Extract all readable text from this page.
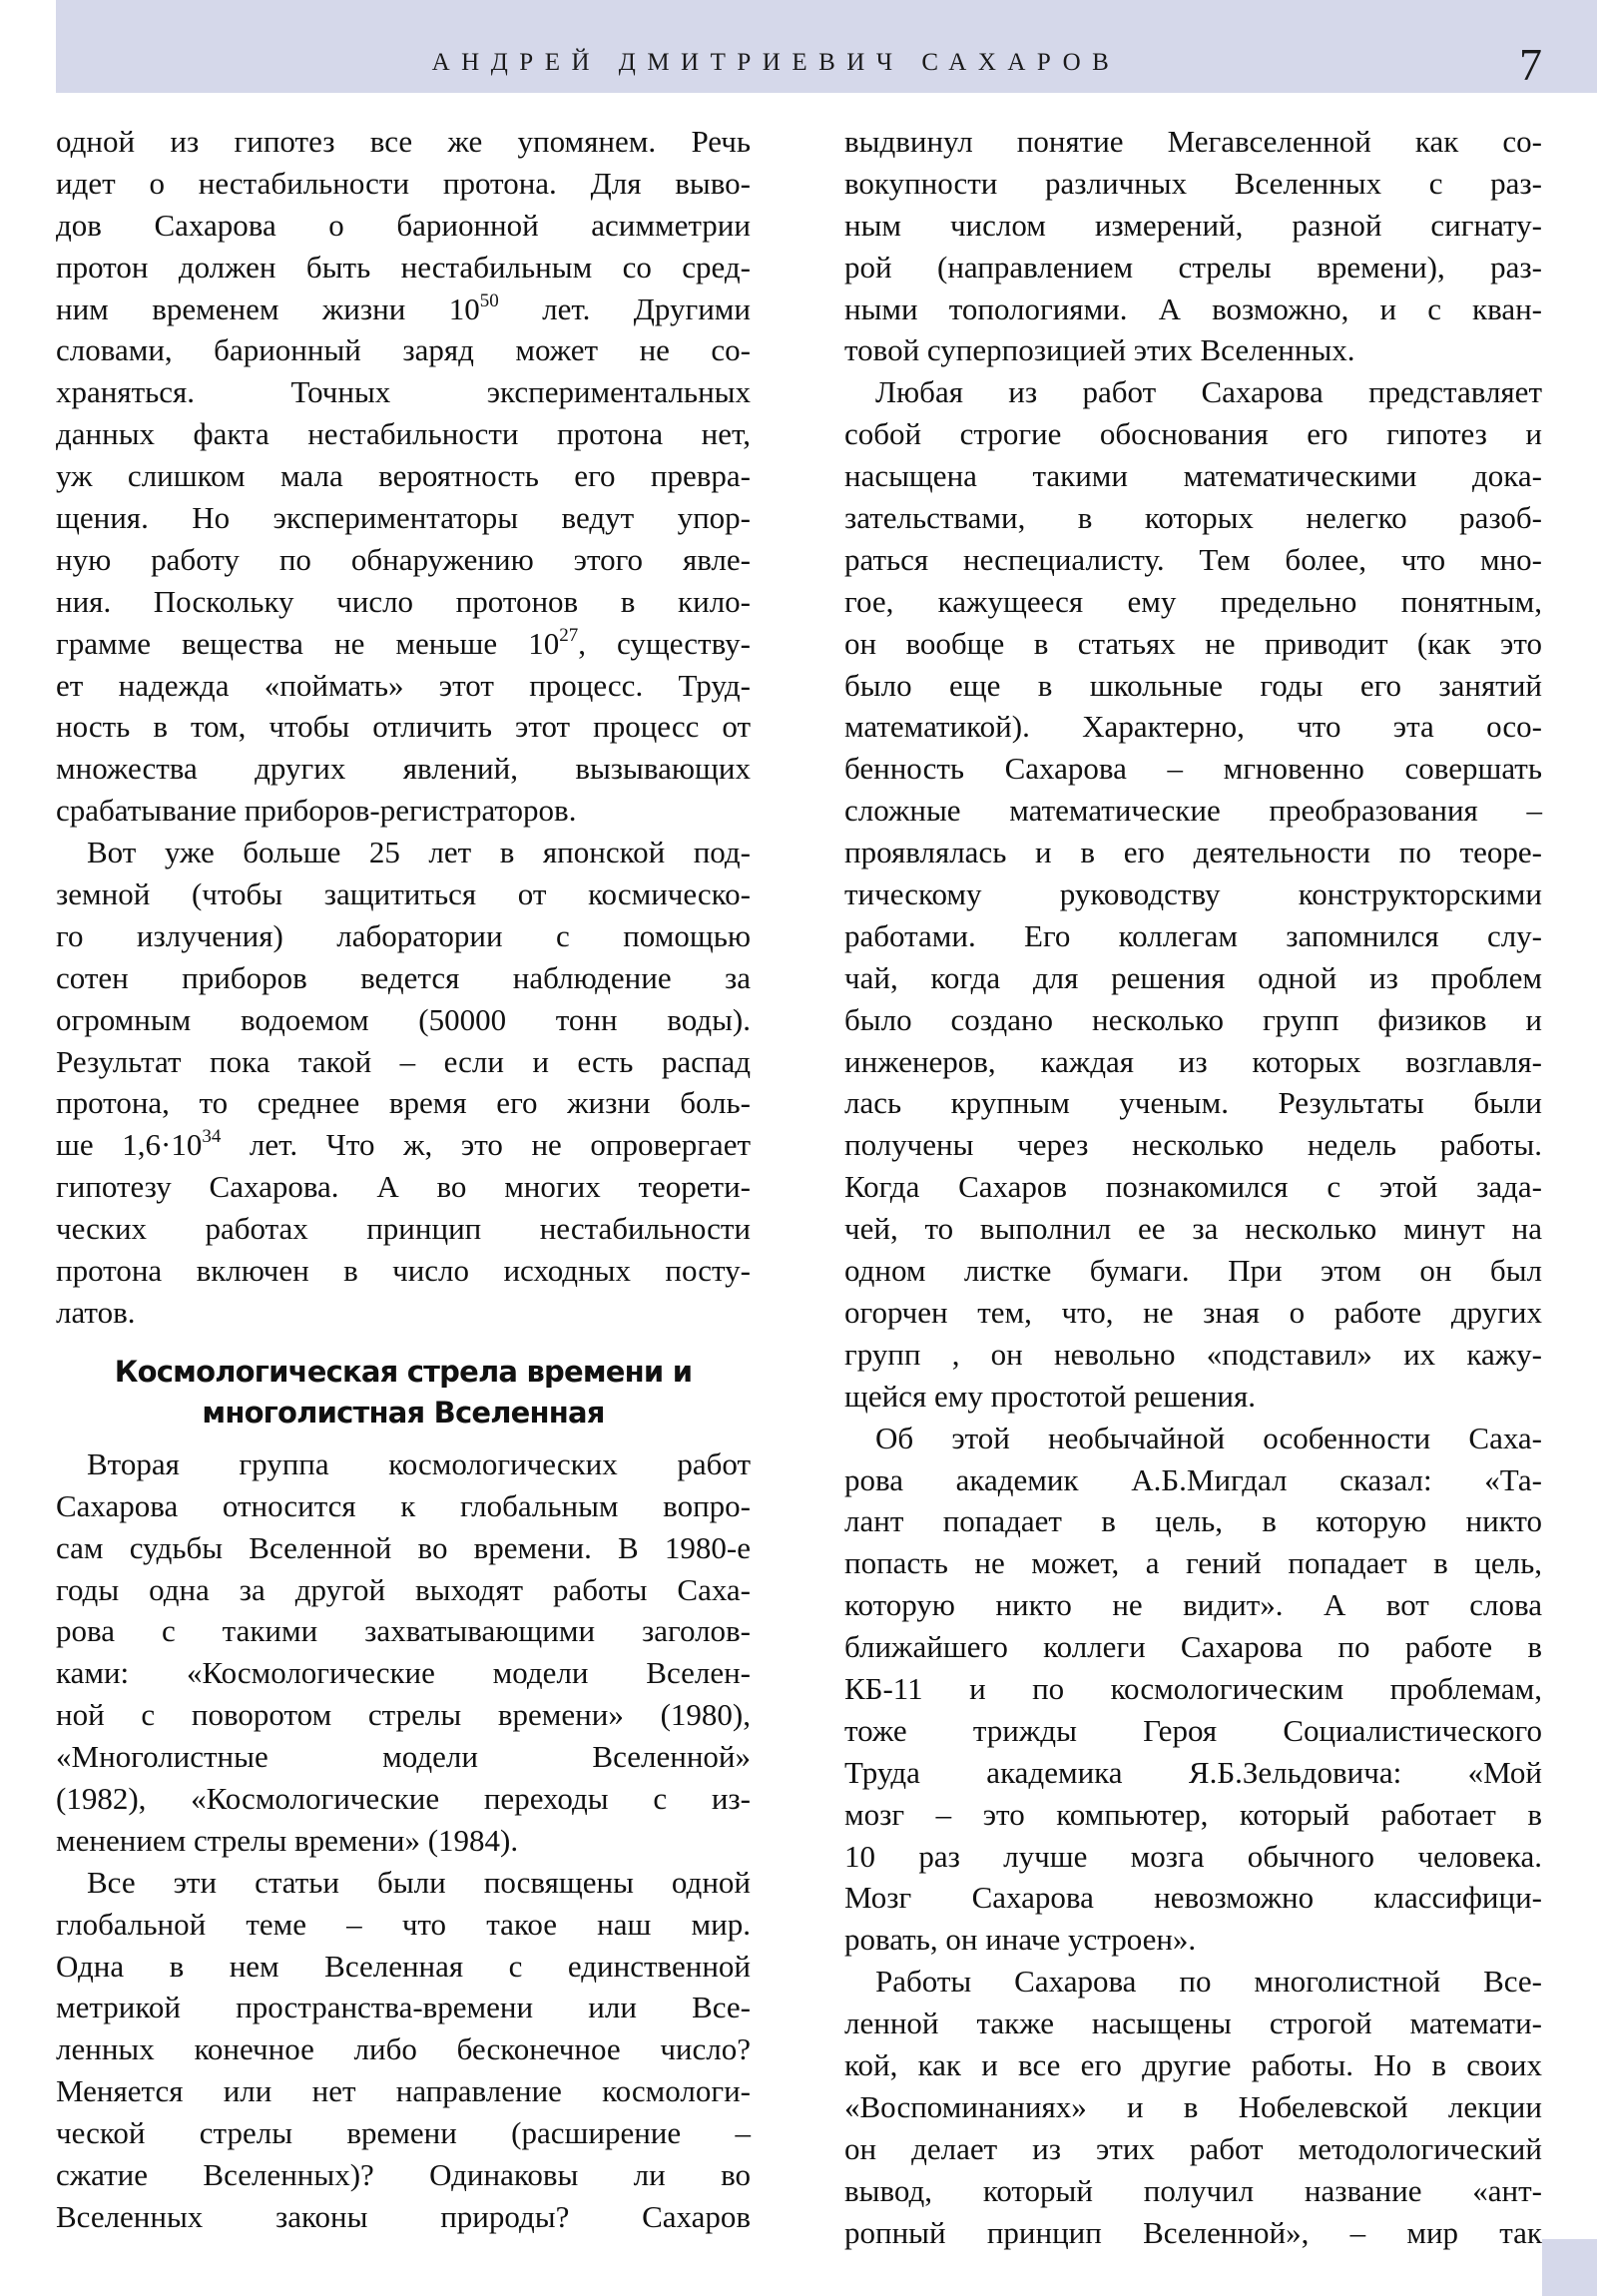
АНДРЕЙ ДМИТРИЕВИЧ САХАРОВ	7
одной из гипотез все же упомянем. Речь
идет о нестабильности протона. Для выво-
дов Сахарова о барионной асимметрии
протон должен быть нестабильным со сред-
ним временем жизни $10^{50}$ лет. Другими
словами, барионный заряд может не со-
храняться. Точных экспериментальных
данных факта нестабильности протона нет,
уж слишком мала вероятность его превра-
щения. Но экспериментаторы ведут упор-
ную работу по обнаружению этого явле-
ния. Поскольку число протонов в кило-
грамме вещества не меньше $10^{27}$, существу-
ет надежда «поймать» этот процесс. Труд-
ность в том, чтобы отличить этот процесс от
множества других явлений, вызывающих
срабатывание приборов-регистраторов.
Вот уже больше 25 лет в японской под-
земной (чтобы защититься от космическо-
го излучения) лаборатории с помощью
сотен приборов ведется наблюдение за
огромным водоемом (50000 тонн воды).
Результат пока такой – если и есть распад
протона, то среднее время его жизни боль-
ше $1,6\cdot 10^{34}$ лет. Что ж, это не опровергает
гипотезу Сахарова. А во многих теорети-
ческих работах принцип нестабильности
протона включен в число исходных посту-
латов.
Космологическая стрела времени и
многолистная Вселенная
Вторая группа космологических работ
Сахарова относится к глобальным вопро-
сам судьбы Вселенной во времени. В 1980-е
годы одна за другой выходят работы Саха-
рова с такими захватывающими заголов-
ками: «Космологические модели Вселен-
ной с поворотом стрелы времени» (1980),
«Многолистные модели Вселенной»
(1982), «Космологические переходы с из-
менением стрелы времени» (1984).
Все эти статьи были посвящены одной
глобальной теме – что такое наш мир.
Одна в нем Вселенная с единственной
метрикой пространства-времени или Все-
ленных конечное либо бесконечное число?
Меняется или нет направление космологи-
ческой стрелы времени (расширение –
сжатие Вселенных)? Одинаковы ли во
Вселенных законы природы? Сахаров
выдвинул понятие Мегавселенной как со-
вокупности различных Вселенных с раз-
ным числом измерений, разной сигнату-
рой (направлением стрелы времени), раз-
ными топологиями. А возможно, и с кван-
товой суперпозицией этих Вселенных.
Любая из работ Сахарова представляет
собой строгие обоснования его гипотез и
насыщена такими математическими дока-
зательствами, в которых нелегко разоб-
раться неспециалисту. Тем более, что мно-
гое, кажущееся ему предельно понятным,
он вообще в статьях не приводит (как это
было еще в школьные годы его занятий
математикой). Характерно, что эта осо-
бенность Сахарова – мгновенно совершать
сложные математические преобразования –
проявлялась и в его деятельности по теоре-
тическому руководству конструкторскими
работами. Его коллегам запомнился слу-
чай, когда для решения одной из проблем
было создано несколько групп физиков и
инженеров, каждая из которых возглавля-
лась крупным ученым. Результаты были
получены через несколько недель работы.
Когда Сахаров познакомился с этой зада-
чей, то выполнил ее за несколько минут на
одном листке бумаги. При этом он был
огорчен тем, что, не зная о работе других
групп , он невольно «подставил» их кажу-
щейся ему простотой решения.
Об этой необычайной особенности Саха-
рова академик А.Б.Мигдал сказал: «Та-
лант попадает в цель, в которую никто
попасть не может, а гений попадает в цель,
которую никто не видит». А вот слова
ближайшего коллеги Сахарова по работе в
КБ-11 и по космологическим проблемам,
тоже трижды Героя Социалистического
Труда академика Я.Б.Зельдовича: «Мой
мозг – это компьютер, который работает в
10 раз лучше мозга обычного человека.
Мозг Сахарова невозможно классифици-
ровать, он иначе устроен».
Работы Сахарова по многолистной Все-
ленной также насыщены строгой математи-
кой, как и все его другие работы. Но в своих
«Воспоминаниях» и в Нобелевской лекции
он делает из этих работ методологический
вывод, который получил название «ант-
ропный принцип Вселенной», – мир так
